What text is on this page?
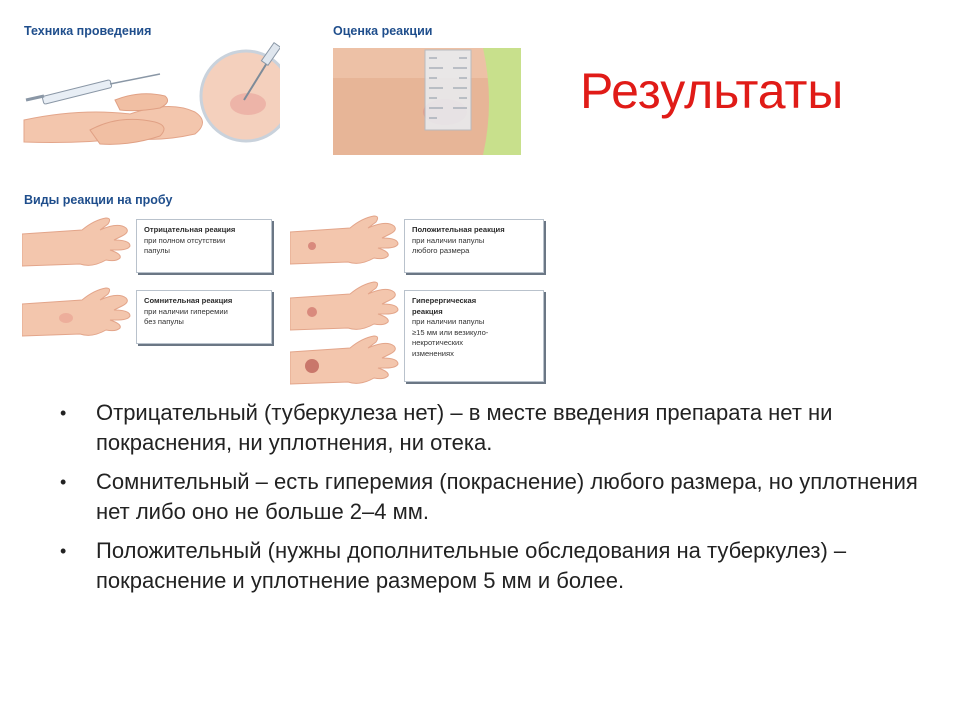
Техника проведения	Оценка реакции
Результаты
Виды реакции на пробу
Отрицательная реакция
при полном отсутствии
папулы
Сомнительная реакция
при наличии гиперемии
без папулы
Положительная реакция
при наличии папулы
любого размера
Гиперергическая
реакция
при наличии папулы
≥15 мм или везикуло-
некротических
изменениях
• Отрицательный (туберкулеза нет) – в месте введения препарата нет ни покраснения, ни уплотнения, ни отека.
• Сомнительный – есть гиперемия (покраснение) любого размера, но уплотнения нет либо оно не больше 2–4 мм.
• Положительный (нужны дополнительные обследования на туберкулез) – покраснение и уплотнение размером 5 мм и более.
